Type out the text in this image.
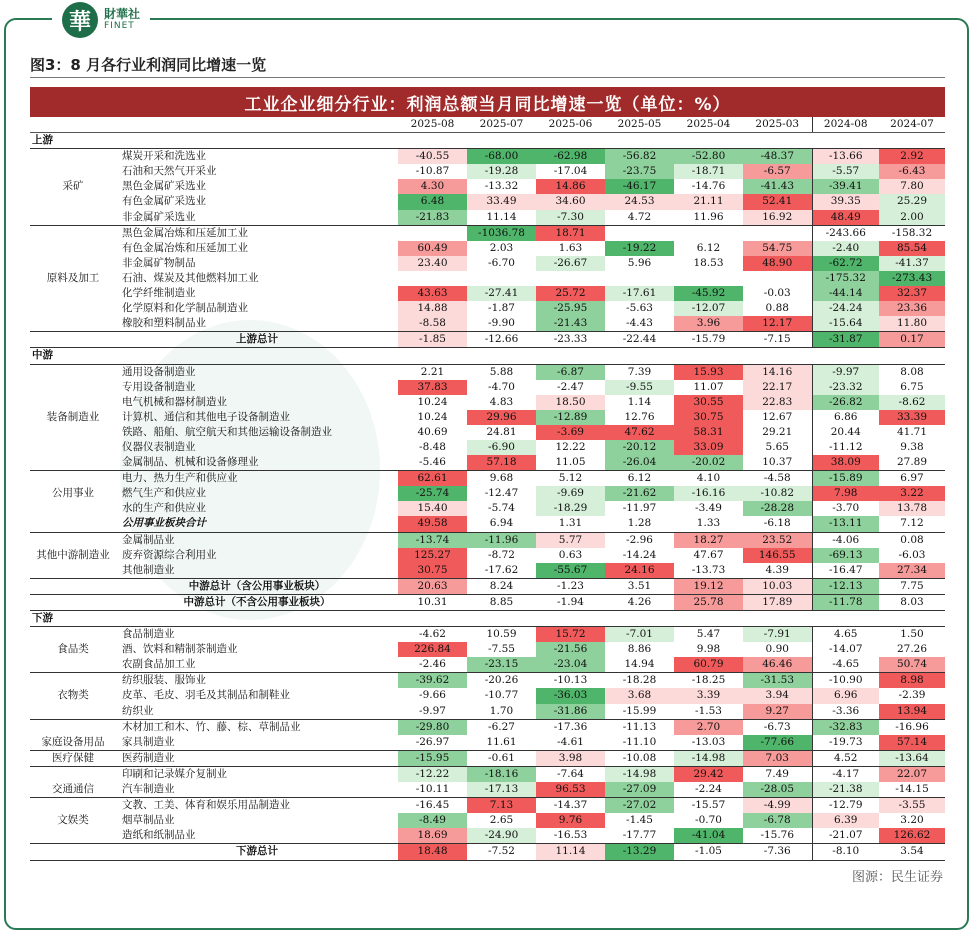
華	財華社
FINET
图3：8 月各行业利润同比增速一览
工业企业细分行业：利润总额当月同比增速一览（单位：%）
		2025-08	2025-07	2025-06	2025-05	2025-04	2025-03	2024-08	2024-07
上游									
	煤炭开采和洗选业	-40.55	-68.00	-62.98	-56.82	-52.80	-48.37	-13.66	2.92
	石油和天然气开采业	-10.87	-19.28	-17.04	-23.75	-18.71	-6.57	-5.57	-6.43
采矿	黑色金属矿采选业	4.30	-13.32	14.86	-46.17	-14.76	-41.43	-39.41	7.80
	有色金属矿采选业	6.48	33.49	34.60	24.53	21.11	52.41	39.35	25.29
	非金属矿采选业	-21.83	11.14	-7.30	4.72	11.96	16.92	48.49	2.00
	黑色金属冶炼和压延加工业		-1036.78	18.71				-243.66	-158.32
	有色金属冶炼和压延加工业	60.49	2.03	1.63	-19.22	6.12	54.75	-2.40	85.54
	非金属矿物制品	23.40	-6.70	-26.67	5.96	18.53	48.90	-62.72	-41.37
原料及加工	石油、煤炭及其他燃料加工业							-175.32	-273.43
	化学纤维制造业	43.63	-27.41	25.72	-17.61	-45.92	-0.03	-44.14	32.37
	化学原料和化学制品制造业	14.88	-1.87	-25.95	-5.63	-12.07	0.88	-24.24	23.36
	橡胶和塑料制品业	-8.58	-9.90	-21.43	-4.43	3.96	12.17	-15.64	11.80
	上游总计	-1.85	-12.66	-23.33	-22.44	-15.79	-7.15	-31.87	0.17
中游									
	通用设备制造业	2.21	5.88	-6.87	7.39	15.93	14.16	-9.97	8.08
	专用设备制造业	37.83	-4.70	-2.47	-9.55	11.07	22.17	-23.32	6.75
	电气机械和器材制造业	10.24	4.83	18.50	1.14	30.55	22.83	-26.82	-8.62
装备制造业	计算机、通信和其他电子设备制造业	10.24	29.96	-12.89	12.76	30.75	12.67	6.86	33.39
	铁路、船舶、航空航天和其他运输设备制造业	40.69	24.81	-3.69	47.62	58.31	29.21	20.44	41.71
	仪器仪表制造业	-8.48	-6.90	12.22	-20.12	33.09	5.65	-11.12	9.38
	金属制品、机械和设备修理业	-5.46	57.18	11.05	-26.04	-20.02	10.37	38.09	27.89
	电力、热力生产和供应业	62.61	9.68	5.12	6.12	4.10	-4.58	-15.89	6.97
公用事业	燃气生产和供应业	-25.74	-12.47	-9.69	-21.62	-16.16	-10.82	7.98	3.22
	水的生产和供应业	15.40	-5.74	-18.29	-11.97	-3.49	-28.28	-3.70	13.78
	公用事业板块合计	49.58	6.94	1.31	1.28	1.33	-6.18	-13.11	7.12
	金属制品业	-13.74	-11.96	5.77	-2.96	18.27	23.52	-4.06	0.08
其他中游制造业	废弃资源综合利用业	125.27	-8.72	0.63	-14.24	47.67	146.55	-69.13	-6.03
	其他制造业	30.75	-17.62	-55.67	24.16	-13.73	4.39	-16.47	27.34
	中游总计（含公用事业板块）	20.63	8.24	-1.23	3.51	19.12	10.03	-12.13	7.75
	中游总计（不含公用事业板块）	10.31	8.85	-1.94	4.26	25.78	17.89	-11.78	8.03
下游									
	食品制造业	-4.62	10.59	15.72	-7.01	5.47	-7.91	4.65	1.50
食品类	酒、饮料和精制茶制造业	226.84	-7.55	-21.56	8.86	9.98	0.90	-14.07	27.26
	农副食品加工业	-2.46	-23.15	-23.04	14.94	60.79	46.46	-4.65	50.74
	纺织服装、服饰业	-39.62	-20.26	-10.13	-18.28	-18.25	-31.53	-10.90	8.98
衣物类	皮革、毛皮、羽毛及其制品和制鞋业	-9.66	-10.77	-36.03	3.68	3.39	3.94	6.96	-2.39
	纺织业	-9.97	1.70	-31.86	-15.99	-1.53	9.27	-3.36	13.94
	木材加工和木、竹、藤、棕、草制品业	-29.80	-6.27	-17.36	-11.13	2.70	-6.73	-32.83	-16.96
家庭设备用品	家具制造业	-26.97	11.61	-4.61	-11.10	-13.03	-77.66	-19.73	57.14
医疗保健	医药制造业	-15.95	-0.61	3.98	-10.08	-14.98	7.03	4.52	-13.64
	印刷和记录媒介复制业	-12.22	-18.16	-7.64	-14.98	29.42	7.49	-4.17	22.07
交通通信	汽车制造业	-10.11	-17.13	96.53	-27.09	-2.24	-28.05	-21.38	-14.15
	文教、工美、体育和娱乐用品制造业	-16.45	7.13	-14.37	-27.02	-15.57	-4.99	-12.79	-3.55
文娱类	烟草制品业	-8.49	2.65	9.76	-1.45	-0.70	-6.78	6.39	3.20
	造纸和纸制品业	18.69	-24.90	-16.53	-17.77	-41.04	-15.76	-21.07	126.62
	下游总计	18.48	-7.52	11.14	-13.29	-1.05	-7.36	-8.10	3.54
图源：民生证券
